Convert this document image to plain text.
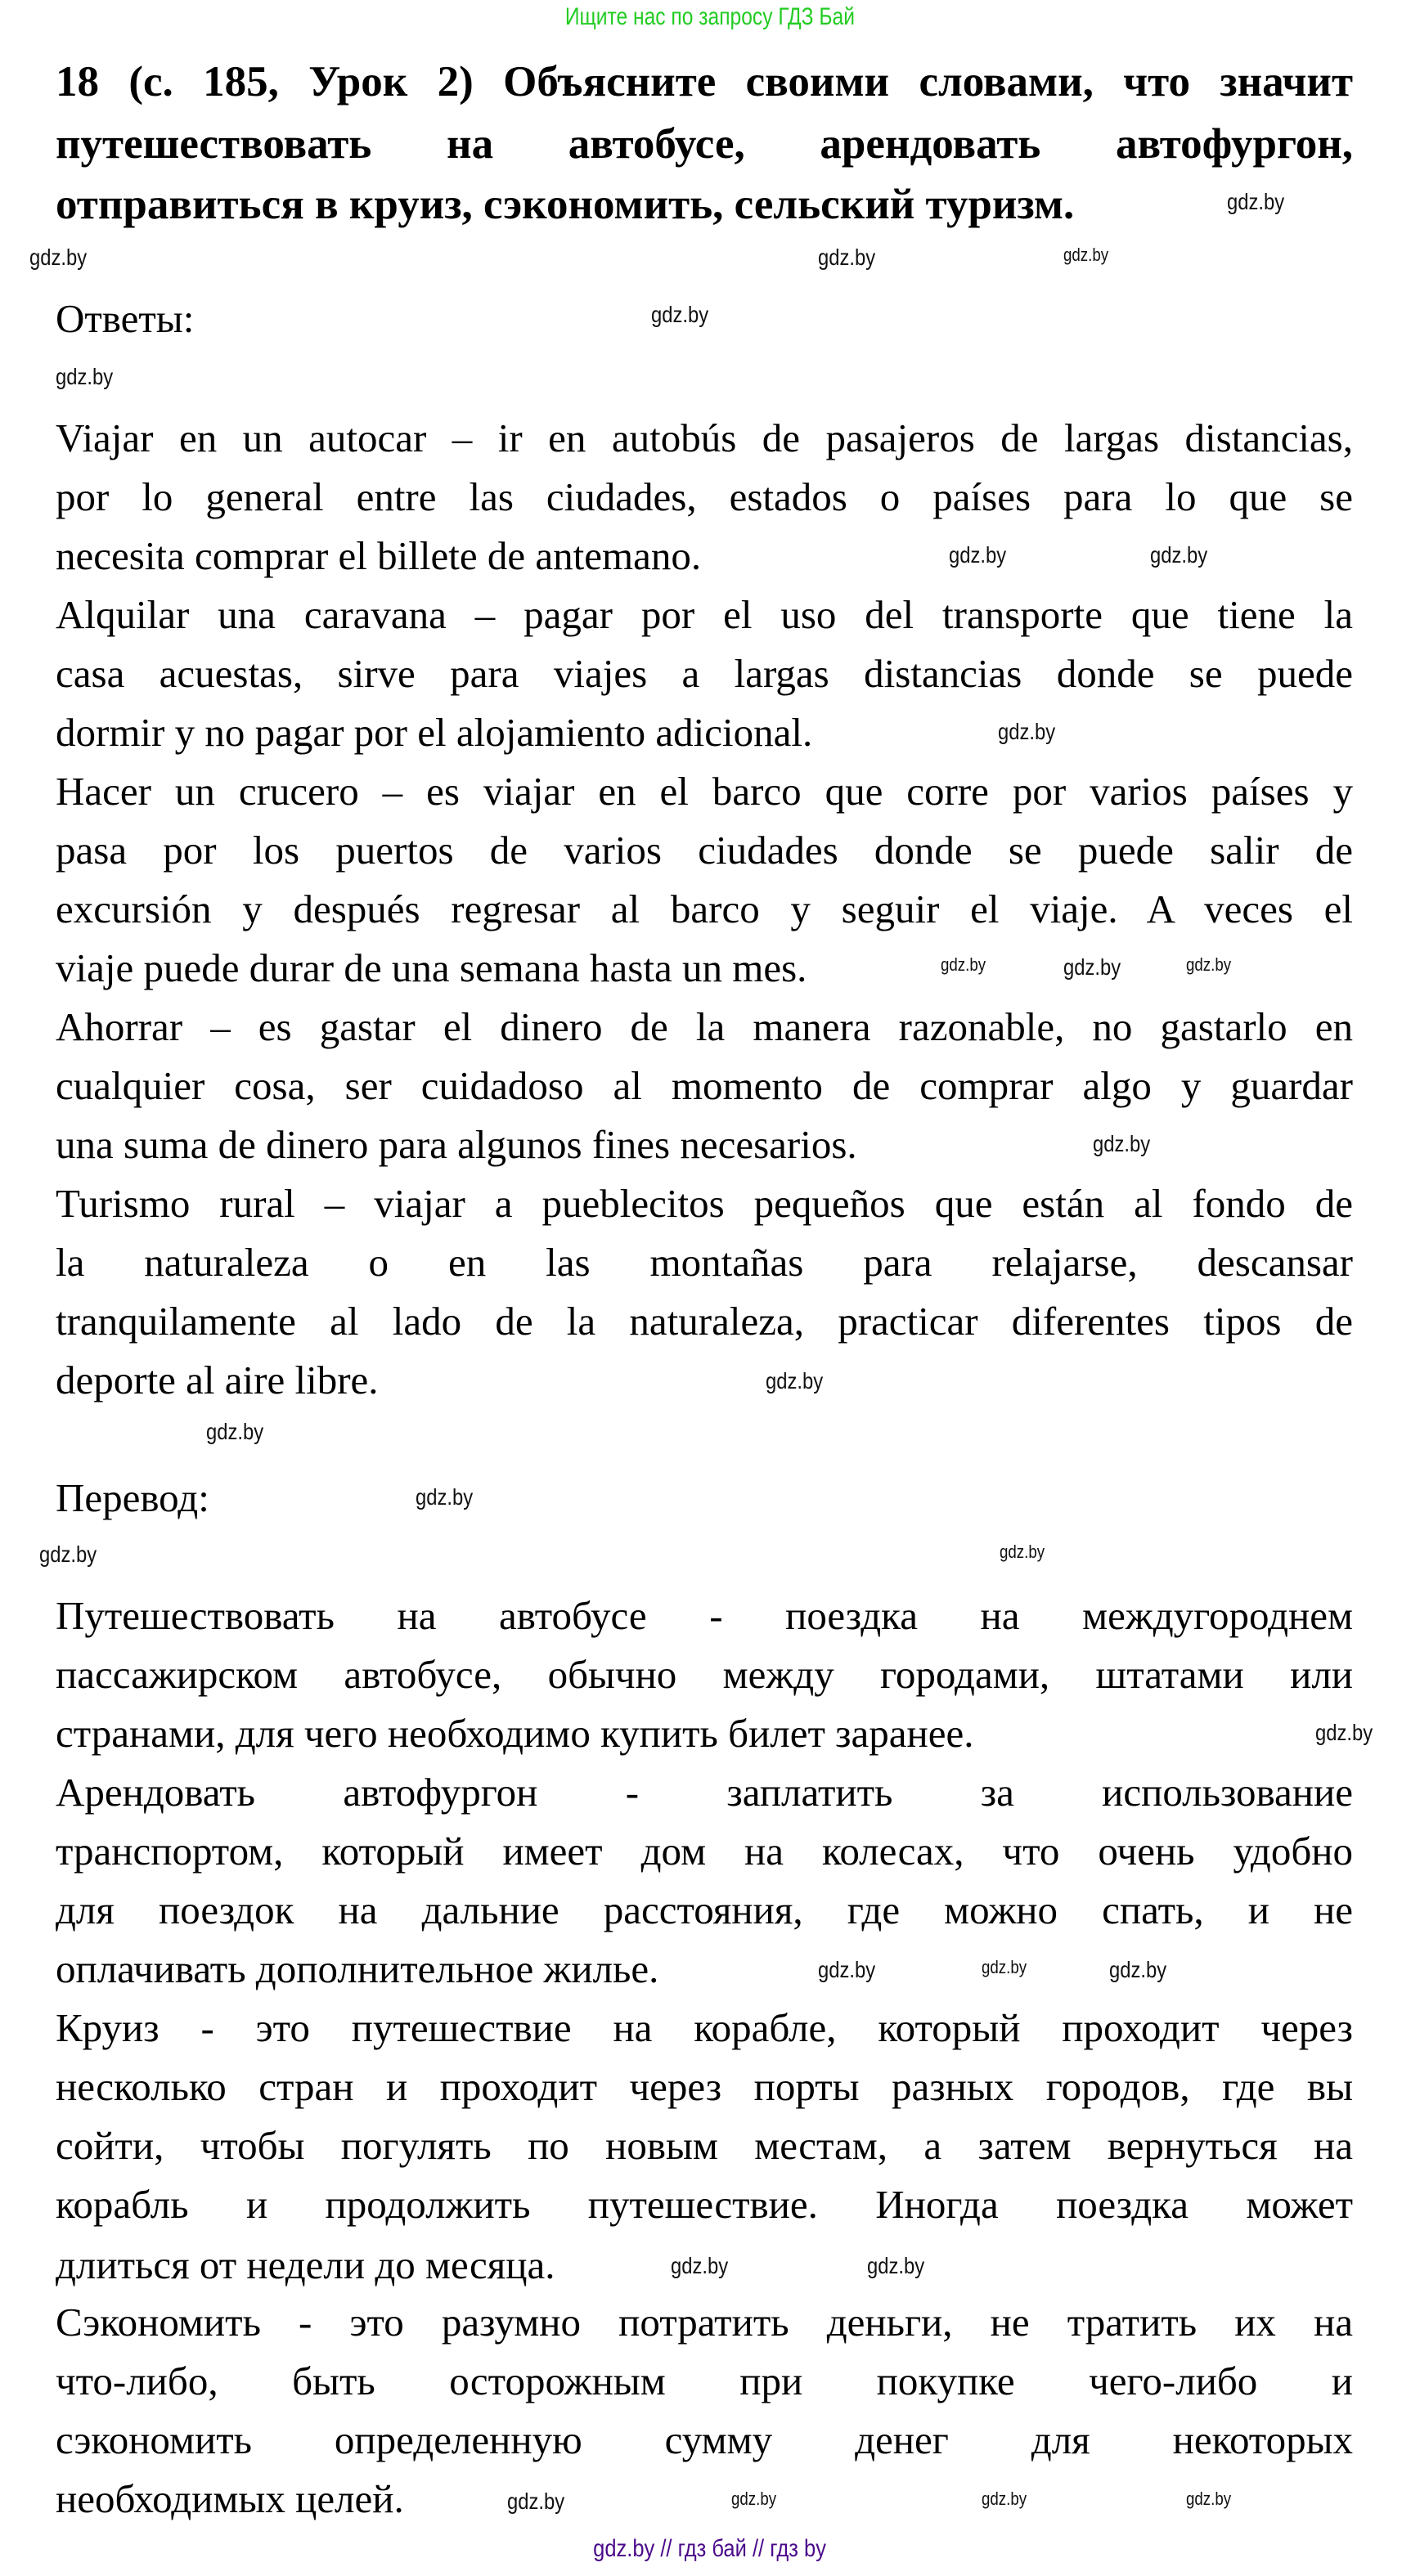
Ищите нас по запросу ГДЗ Бай
18 (с. 185, Урок 2) Объясните своими словами, что значит
путешествовать на автобусе, арендовать автофургон,
отправиться в круиз, сэкономить, сельский туризм.
Ответы:
Viajar en un autocar – ir en autobús de pasajeros de largas distancias,
por lo general entre las ciudades, estados o países para lo que se
necesita comprar el billete de antemano.
Alquilar una caravana – pagar por el uso del transporte que tiene la
casa acuestas, sirve para viajes a largas distancias donde se puede
dormir y no pagar por el alojamiento adicional.
Hacer un crucero – es viajar en el barco que corre por varios países y
pasa por los puertos de varios ciudades donde se puede salir de
excursión y después regresar al barco y seguir el viaje. A veces el
viaje puede durar de una semana hasta un mes.
Ahorrar – es gastar el dinero de la manera razonable, no gastarlo en
cualquier cosa, ser cuidadoso al momento de comprar algo y guardar
una suma de dinero para algunos fines necesarios.
Turismo rural – viajar a pueblecitos pequeños que están al fondo de
la naturaleza o en las montañas para relajarse, descansar
tranquilamente al lado de la naturaleza, practicar diferentes tipos de
deporte al aire libre.
Перевод:
Путешествовать на автобусе - поездка на междугороднем
пассажирском автобусе, обычно между городами, штатами или
странами, для чего необходимо купить билет заранее.
Арендовать автофургон - заплатить за использование
транспортом, который имеет дом на колесах, что очень удобно
для поездок на дальние расстояния, где можно спать, и не
оплачивать дополнительное жилье.
Круиз - это путешествие на корабле, который проходит через
несколько стран и проходит через порты разных городов, где вы
сойти, чтобы погулять по новым местам, а затем вернуться на
корабль и продолжить путешествие. Иногда поездка может
длиться от недели до месяца.
Сэкономить - это разумно потратить деньги, не тратить их на
что-либо, быть осторожным при покупке чего-либо и
сэкономить определенную сумму денег для некоторых
необходимых целей.
gdz.by	gdz.by
gdz.by
gdz.by
gdz.by
gdz.by
gdz.by
gdz.by
gdz.by
gdz.by	gdz.by	gdz.by
gdz.by
gdz.by
gdz.by
gdz.by
gdz.by	gdz.by
gdz.by
gdz.by	gdz.by	gdz.by
gdz.by	gdz.by
gdz.by	gdz.by
gdz.by	gdz.by
gdz.by // гдз бай // гдз by
